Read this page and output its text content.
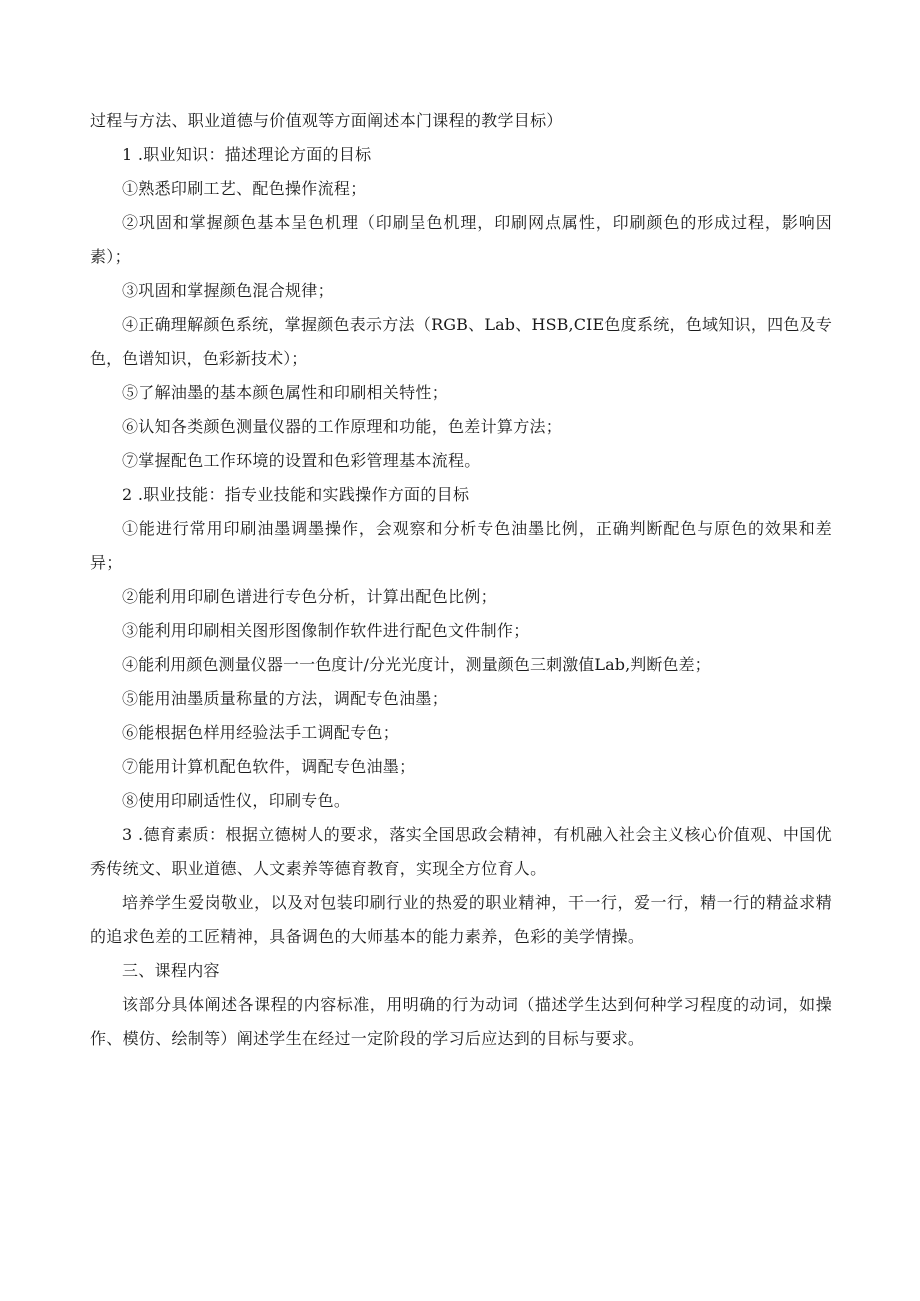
过程与方法、职业道德与价值观等方面阐述本门课程的教学目标）

1 .职业知识：描述理论方面的目标

①熟悉印刷工艺、配色操作流程；

②巩固和掌握颜色基本呈色机理（印刷呈色机理，印刷网点属性，印刷颜色的形成过程，影响因素）；

③巩固和掌握颜色混合规律；

④正确理解颜色系统，掌握颜色表示方法（RGB、Lab、HSB,CIE色度系统，色域知识，四色及专色，色谱知识，色彩新技术）；

⑤了解油墨的基本颜色属性和印刷相关特性；

⑥认知各类颜色测量仪器的工作原理和功能，色差计算方法；

⑦掌握配色工作环境的设置和色彩管理基本流程。

2 .职业技能：指专业技能和实践操作方面的目标

①能进行常用印刷油墨调墨操作，会观察和分析专色油墨比例，正确判断配色与原色的效果和差异；

②能利用印刷色谱进行专色分析，计算出配色比例；

③能利用印刷相关图形图像制作软件进行配色文件制作；

④能利用颜色测量仪器一一色度计/分光光度计，测量颜色三刺激值Lab,判断色差；

⑤能用油墨质量称量的方法，调配专色油墨；

⑥能根据色样用经验法手工调配专色；

⑦能用计算机配色软件，调配专色油墨；

⑧使用印刷适性仪，印刷专色。

3 .德育素质：根据立德树人的要求，落实全国思政会精神，有机融入社会主义核心价值观、中国优秀传统文、职业道德、人文素养等德育教育，实现全方位育人。

培养学生爱岗敬业，以及对包装印刷行业的热爱的职业精神，干一行，爱一行，精一行的精益求精的追求色差的工匠精神，具备调色的大师基本的能力素养，色彩的美学情操。

三、课程内容

该部分具体阐述各课程的内容标准，用明确的行为动词（描述学生达到何种学习程度的动词，如操作、模仿、绘制等）阐述学生在经过一定阶段的学习后应达到的目标与要求。
